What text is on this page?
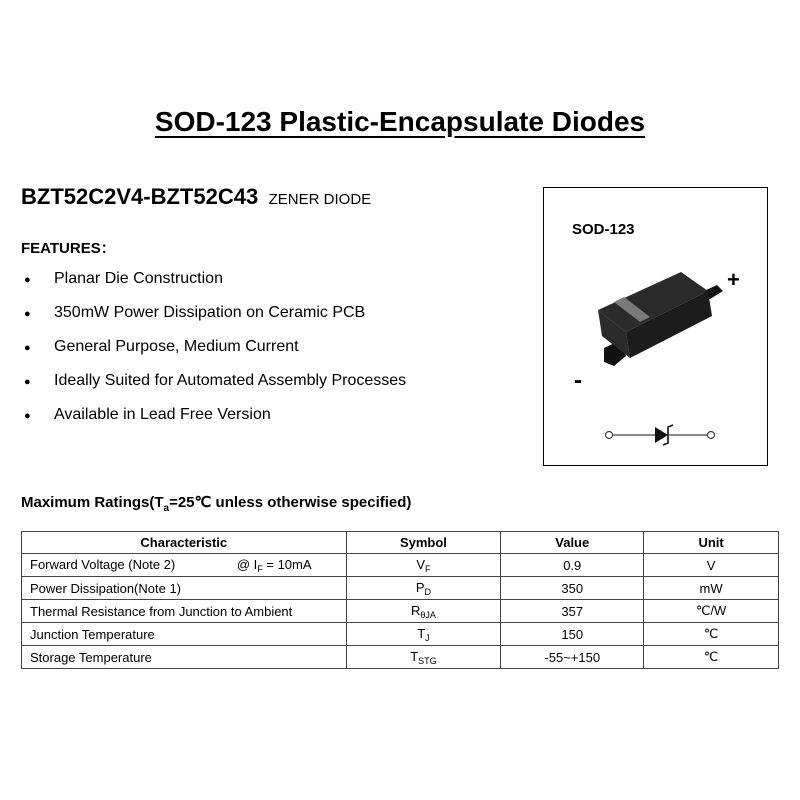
SOD-123 Plastic-Encapsulate Diodes
BZT52C2V4-BZT52C43 ZENER DIODE
FEATURES：
●	Planar Die Construction
●	350mW Power Dissipation on Ceramic PCB
●	General Purpose, Medium Current
●	Ideally Suited for Automated Assembly Processes
●	Available in Lead Free Version
SOD-123
+
-
Maximum $Ratings(T_a=25℃$ unless otherwise specified)
Characteristic	Symbol	Value	Unit
Forward Voltage (Note 2) @ $I_F = 10mA$	$V_F$	0.9	V
Power Dissipation(Note 1)	$P_D$	350	mW
Thermal Resistance from Junction to Ambient	$R_{\theta JA}$	357	℃/W
Junction Temperature	$T_J$	150	℃
Storage Temperature	$T_{STG}$	-55~+150	℃
